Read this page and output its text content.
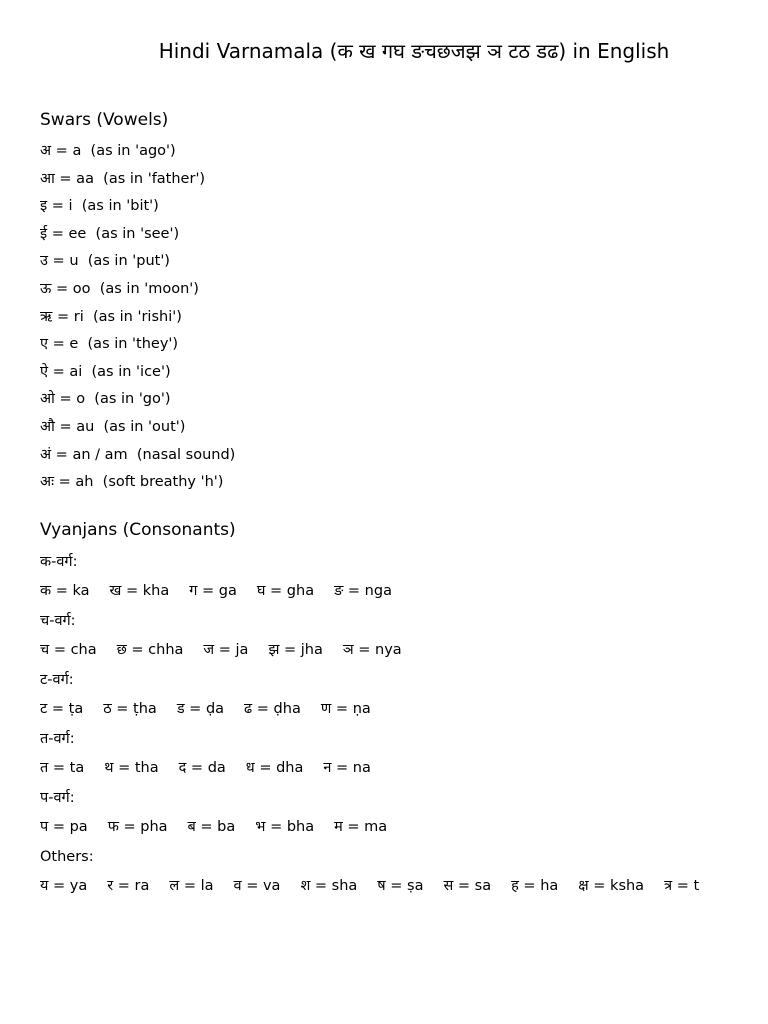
Hindi Varnamala (क ख गघ ङचछजझ ञ टठ डढ) in English
Swars (Vowels)
अ = a  (as in 'ago')
आ = aa  (as in 'father')
इ = i  (as in 'bit')
ई = ee  (as in 'see')
उ = u  (as in 'put')
ऊ = oo  (as in 'moon')
ऋ = ri  (as in 'rishi')
ए = e  (as in 'they')
ऐ = ai  (as in 'ice')
ओ = o  (as in 'go')
औ = au  (as in 'out')
अं = an / am  (nasal sound)
अः = ah  (soft breathy 'h')
Vyanjans (Consonants)
क-वर्ग:
क = ka ख = kha ग = ga घ = gha ङ = nga
च-वर्ग:
च = cha छ = chha ज = ja झ = jha ञ = nya
ट-वर्ग:
ट = ṭa ठ = ṭha ड = ḍa ढ = ḍha ण = ṇa
त-वर्ग:
त = ta थ = tha द = da ध = dha न = na
प-वर्ग:
प = pa फ = pha ब = ba भ = bha म = ma
Others:
य = ya र = ra ल = la व = va श = sha ष = ṣa स = sa ह = ha क्ष = ksha त्र = t
